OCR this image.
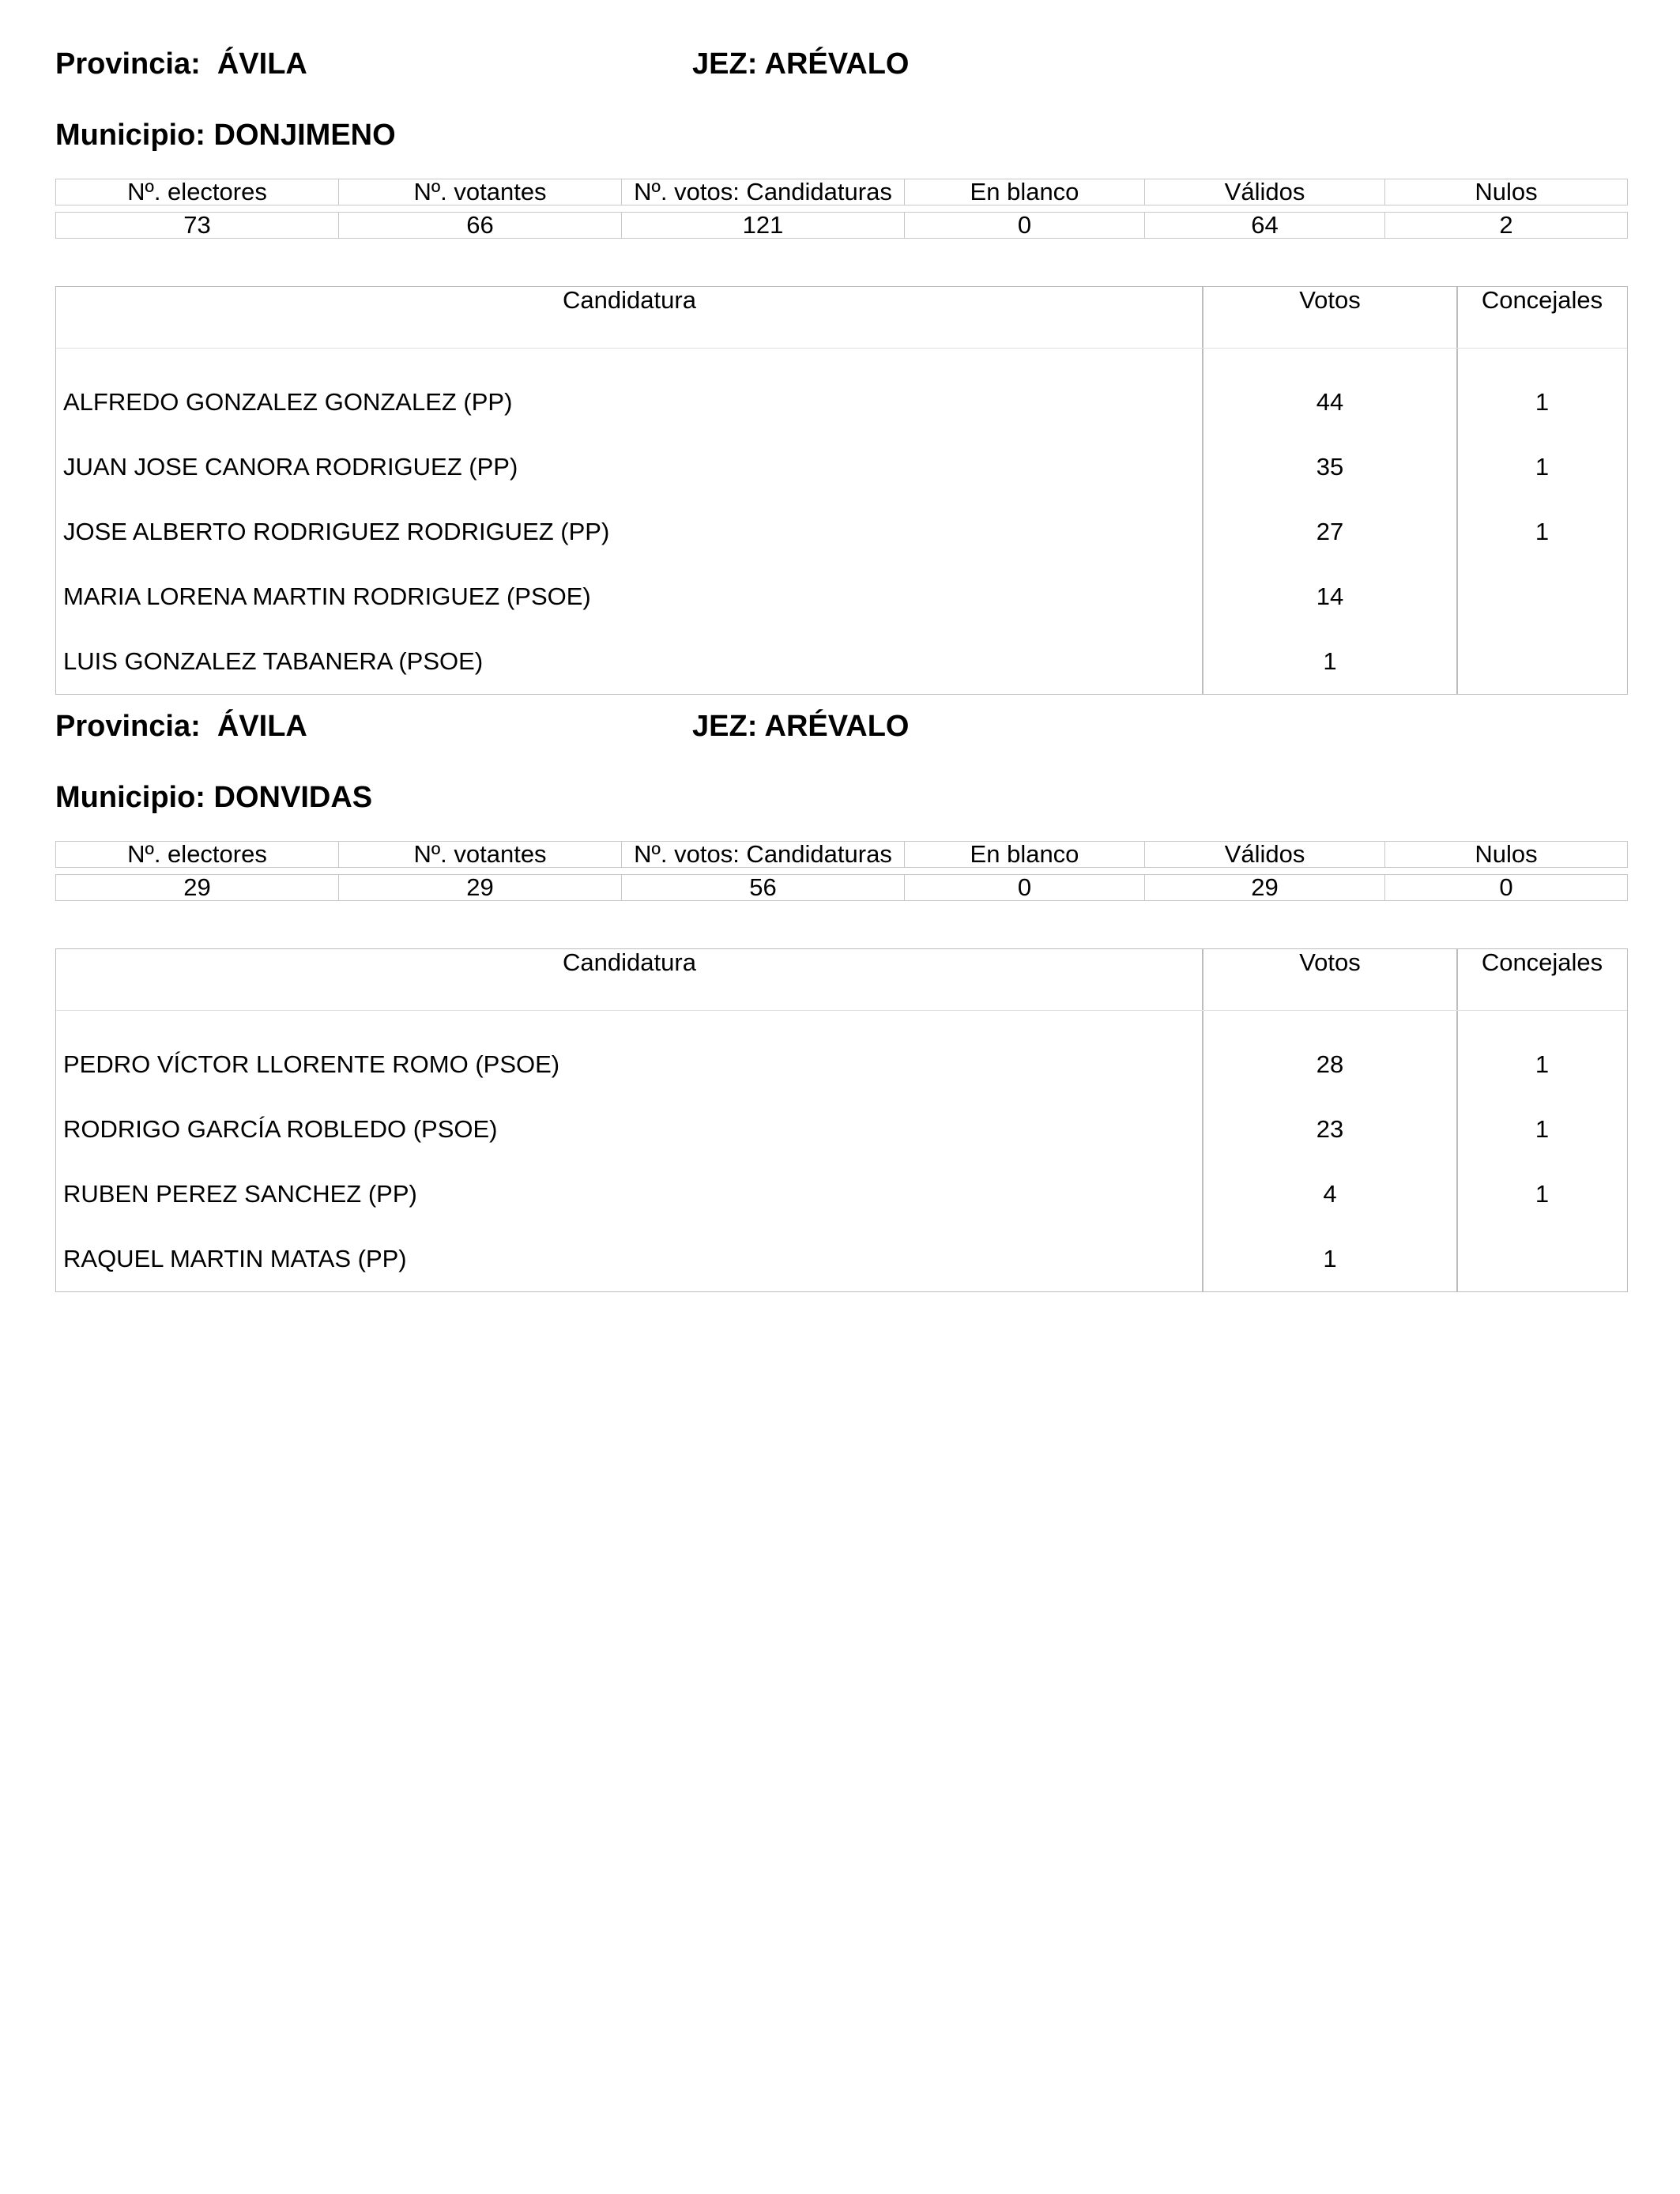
Provincia: ÁVILA	JEZ: ARÉVALO
Municipio: DONJIMENO
Nº. electores	Nº. votantes	Nº. votos: Candidaturas	En blanco	Válidos	Nulos
73	66	121	0	64	2
Candidatura	Votos	Concejales
ALFREDO GONZALEZ GONZALEZ (PP)	44	1
JUAN JOSE CANORA RODRIGUEZ (PP)	35	1
JOSE ALBERTO RODRIGUEZ RODRIGUEZ (PP)	27	1
MARIA LORENA MARTIN RODRIGUEZ (PSOE)	14
LUIS GONZALEZ TABANERA (PSOE)	1
Provincia: ÁVILA	JEZ: ARÉVALO
Municipio: DONVIDAS
Nº. electores	Nº. votantes	Nº. votos: Candidaturas	En blanco	Válidos	Nulos
29	29	56	0	29	0
Candidatura	Votos	Concejales
PEDRO VÍCTOR LLORENTE ROMO (PSOE)	28	1
RODRIGO GARCÍA ROBLEDO (PSOE)	23	1
RUBEN PEREZ SANCHEZ (PP)	4	1
RAQUEL MARTIN MATAS (PP)	1
